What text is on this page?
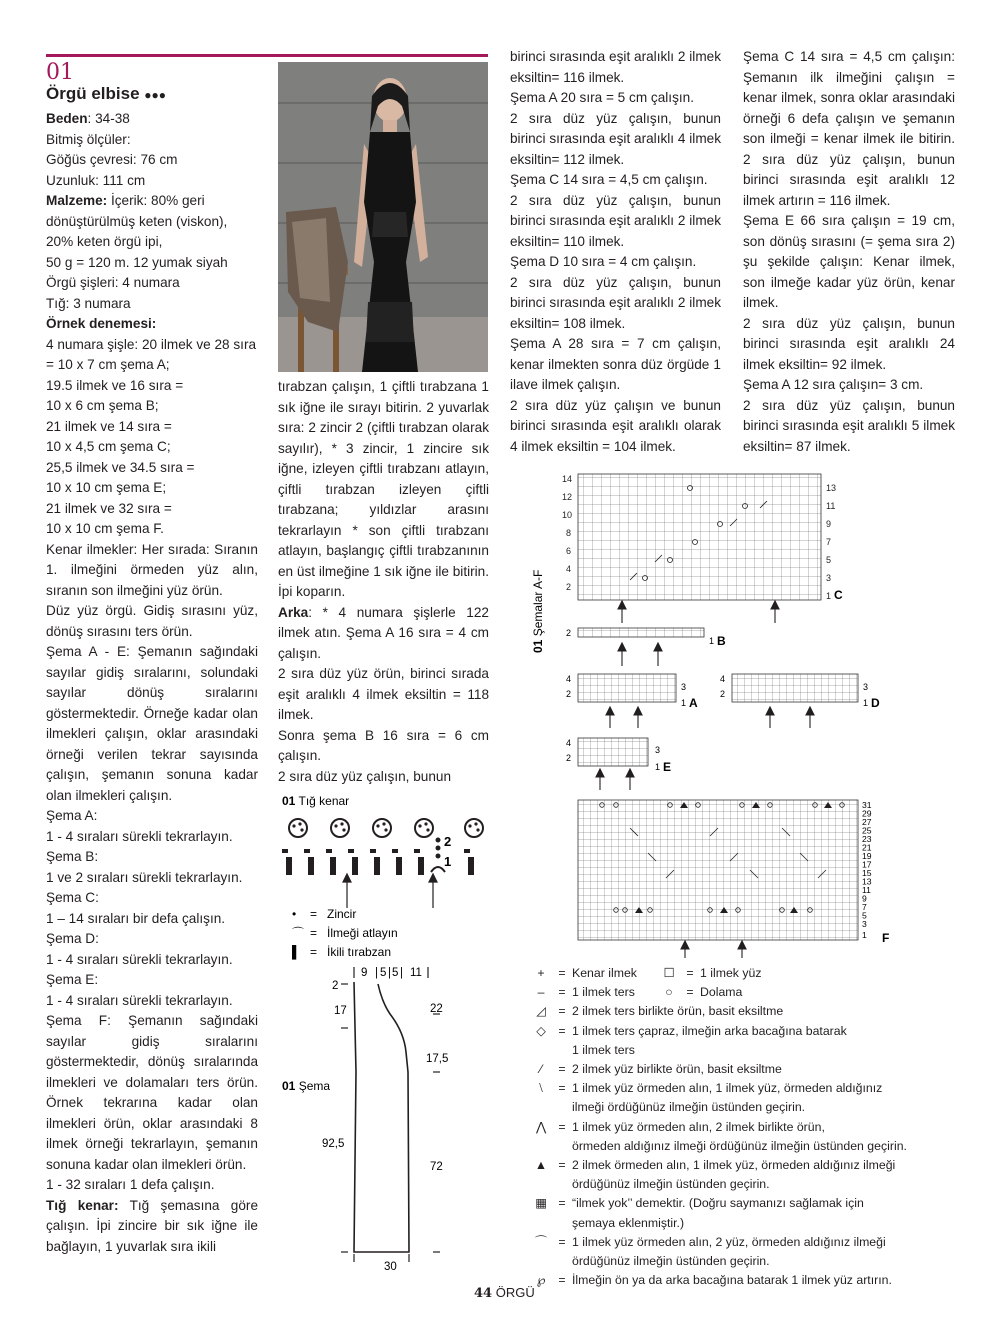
01
Örgü elbise ●●●

Beden: 34-38

Bitmiş ölçüler:

Göğüs çevresi: 76 cm

Uzunluk: 111 cm

Malzeme: İçerik: 80% geri dönüştürülmüş keten (viskon), 20% keten örgü ipi,

50 g = 120 m. 12 yumak siyah

Örgü şişleri: 4 numara

Tığ: 3 numara

Örnek denemesi:

4 numara şişle: 20 ilmek ve 28 sıra = 10 x 7 cm şema A;

19.5 ilmek ve 16 sıra =

10 x 6 cm şema B;

21 ilmek ve 14 sıra =

10 x 4,5 cm şema C;

25,5 ilmek ve 34.5 sıra =

10 x 10 cm şema E;

21 ilmek ve 32 sıra =

10 x 10 cm şema F.

Kenar ilmekler: Her sırada: Sıranın 1. ilmeğini örmeden yüz alın, sıranın son ilmeğini yüz örün.

Düz yüz örgü. Gidiş sırasını yüz, dönüş sırasını ters örün.

Şema A - E: Şemanın sağındaki sayılar gidiş sıralarını, solundaki sayılar dönüş sıralarını göstermektedir. Örneğe kadar olan ilmekleri çalışın, oklar arasındaki örneği verilen tekrar sayısında çalışın, şemanın sonuna kadar olan ilmekleri çalışın.

Şema A:

1 - 4 sıraları sürekli tekrarlayın.

Şema B:

1 ve 2 sıraları sürekli tekrarlayın.

Şema C:

1 – 14 sıraları bir defa çalışın.

Şema D:

1 - 4 sıraları sürekli tekrarlayın.

Şema E:

1 - 4 sıraları sürekli tekrarlayın.

Şema F: Şemanın sağındaki sayılar gidiş sıralarını göstermektedir, dönüş sıralarında ilmekleri ve dolamaları ters örün. Örnek tekrarına kadar olan ilmekleri örün, oklar arasındaki 8 ilmek örneği tekrarlayın, şemanın sonuna kadar olan ilmekleri örün.

1 - 32 sıraları 1 defa çalışın.

Tığ kenar: Tığ şemasına göre çalışın. İpi zincire bir sık iğne ile bağlayın, 1 yuvarlak sıra ikili

tırabzan çalışın, 1 çiftli tırabzana 1 sık iğne ile sırayı bitirin. 2 yuvarlak sıra: 2 zincir 2 (çiftli tırabzan olarak sayılır), * 3 zincir, 1 zincire sık iğne, izleyen çiftli tırabzanı atlayın, çiftli tırabzan izleyen çiftli tırabzana; yıldızlar arasını tekrarlayın * son çiftli tırabzanı atlayın, başlangıç çiftli tırabzanının en üst ilmeğine 1 sık iğne ile bitirin. İpi koparın.

Arka: * 4 numara şişlerle 122 ilmek atın. Şema A 16 sıra = 4 cm çalışın.

2 sıra düz yüz örün, birinci sırada eşit aralıklı 4 ilmek eksiltin = 118 ilmek.

Sonra şema B 16 sıra = 6 cm çalışın.

2 sıra düz yüz çalışın, bunun

birinci sırasında eşit aralıklı 2 ilmek eksiltin= 116 ilmek.

Şema A 20 sıra = 5 cm çalışın.

2 sıra düz yüz çalışın, bunun birinci sırasında eşit aralıklı 4 ilmek eksiltin= 112 ilmek.

Şema C 14 sıra = 4,5 cm çalışın.

2 sıra düz yüz çalışın, bunun birinci sırasında eşit aralıklı 2 ilmek eksiltin= 110 ilmek.

Şema D 10 sıra = 4 cm çalışın.

2 sıra düz yüz çalışın, bunun birinci sırasında eşit aralıklı 2 ilmek eksiltin= 108 ilmek.

Şema A 28 sıra = 7 cm çalışın, kenar ilmekten sonra düz örgüde 1 ilave ilmek çalışın.

2 sıra düz yüz çalışın ve bunun birinci sırasında eşit aralıklı olarak 4 ilmek eksiltin = 104 ilmek.

Şema C 14 sıra = 4,5 cm çalışın: Şemanın ilk ilmeğini çalışın = kenar ilmek, sonra oklar arasındaki örneği 6 defa çalışın ve şemanın son ilmeği = kenar ilmek ile bitirin. 2 sıra düz yüz çalışın, bunun birinci sırasında eşit aralıklı 12 ilmek artırın = 116 ilmek.

Şema E 66 sıra çalışın = 19 cm, son dönüş sırasını (= şema sıra 2) şu şekilde çalışın: Kenar ilmek, son ilmeğe kadar yüz örün, kenar ilmek.

2 sıra düz yüz çalışın, bunun birinci sırasında eşit aralıklı 24 ilmek eksiltin= 92 ilmek.

Şema A 12 sıra çalışın= 3 cm.

2 sıra düz yüz çalışın, bunun birinci sırasında eşit aralıklı 5 ilmek eksiltin= 87 ilmek.

01 Tığ kenar
2
1
• = Zincir
⌒ = İlmeği atlayın
▌ = İkili tırabzan
9 | 5 | 5 | 11
2
17
92,5
22
17,5
72
30
01 Şema
01 Şemalar A-F
14
12
10
8
6
4
2
13
11
9
7
5
3
1 C
2
1 B
4
2
3
1 A
2
4
3
1 D
4
2
3
1 E
31
29
27
25
23
21
19
17
15
13
11
9
7
5
3
1 F
+	= Kenar ilmek	☐ = 1 ilmek yüz
–	= 1 ilmek ters	○	= Dolama
◿	= 2 ilmek ters birlikte örün, basit eksiltme
◇	= 1 ilmek ters çapraz, ilmeğin arka bacağına batarak
1 ilmek ters
⁄	= 2 ilmek yüz birlikte örün, basit eksiltme
⧵	= 1 ilmek yüz örmeden alın, 1 ilmek yüz, örmeden aldığınız
ilmeği ördüğünüz ilmeğin üstünden geçirin.
⋀	= 1 ilmek yüz örmeden alın, 2 ilmek birlikte örün,
örmeden aldığınız ilmeği ördüğünüz ilmeğin üstünden geçirin.
▲ = 2 ilmek örmeden alın, 1 ilmek yüz, örmeden aldığınız ilmeği
ördüğünüz ilmeğin üstünden geçirin.
▦ = “ilmek yok’’ demektir. (Doğru saymanızı sağlamak için
şemaya eklenmiştir.)
⌒ = 1 ilmek yüz örmeden alın, 2 yüz, örmeden aldığınız ilmeği
ördüğünüz ilmeğin üstünden geçirin.
℘	= İlmeğin ön ya da arka bacağına batarak 1 ilmek yüz artırın.
44 ÖRGÜ
